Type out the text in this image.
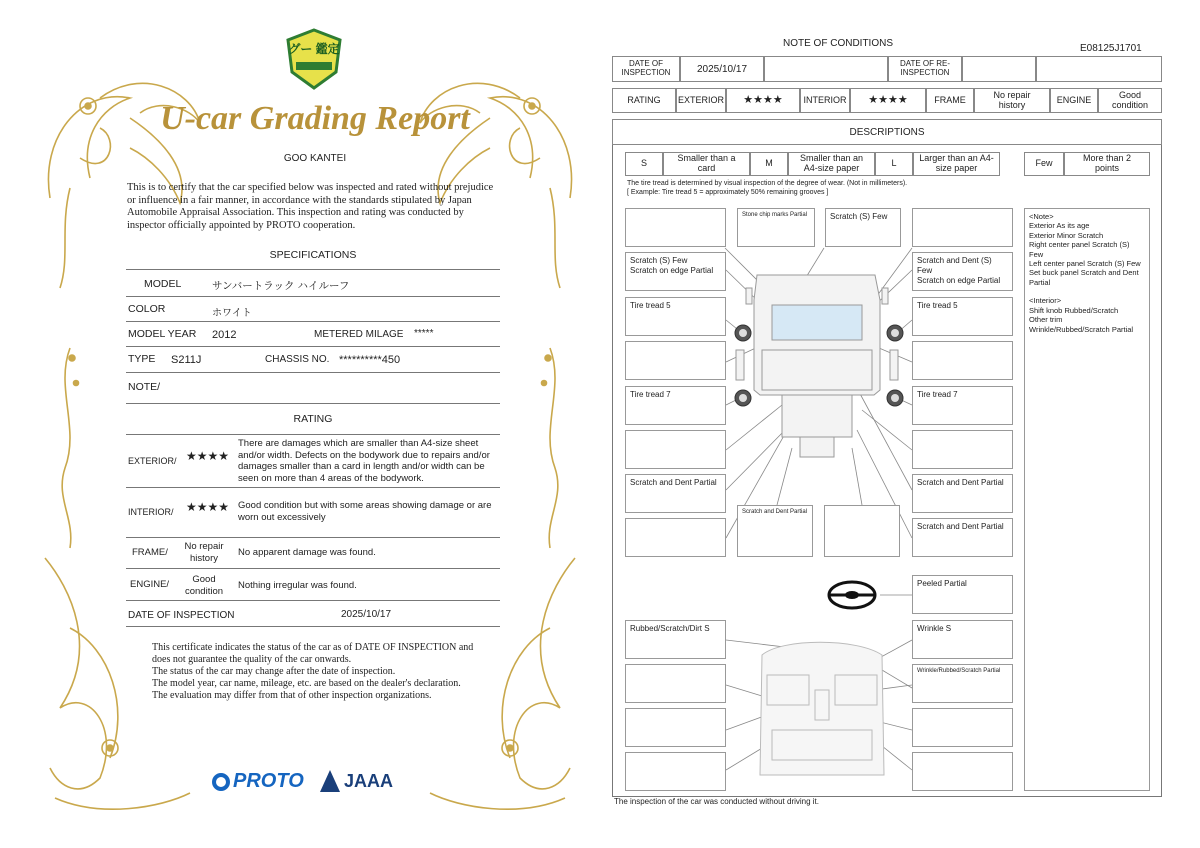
グー 鑑定
U-car Grading Report
GOO KANTEI
This is to certify that the car specified below was inspected and rated without prejudice or influence in a fair manner, in accordance with the standards stipulated by Japan Automobile Appraisal Association. This inspection and rating was conducted by inspector officially appointed by PROTO cooperation.
SPECIFICATIONS
MODEL	サンバートラック ハイルーフ
COLOR	ホワイト
MODEL YEAR 2012	METERED MILAGE *****
TYPE S211J	CHASSIS NO. **********450
NOTE/
RATING
EXTERIOR/ ★★★★
There are damages which are smaller than A4-size sheet and/or width. Defects on the bodywork due to repairs and/or damages smaller than a card in length and/or width can be seen on more than 4 areas of the bodywork.
INTERIOR/ ★★★★ Good condition but with some areas showing damage or are worn out excessively
FRAME/
No repair history	No apparent damage was found.
ENGINE/	Good condition	Nothing irregular was found.
DATE OF INSPECTION	2025/10/17
This certificate indicates the status of the car as of DATE OF INSPECTION and does not guarantee the quality of the car onwards.
The status of the car may change after the date of inspection.
The model year, car name, mileage, etc. are based on the dealer's declaration.
The evaluation may differ from that of other inspection organizations.
PROTO JAAA
NOTE OF CONDITIONS	E08125J1701
DATE OF INSPECTION	2025/10/17	DATE OF RE-INSPECTION
RATING	EXTERIOR	★★★★	INTERIOR	★★★★	FRAME	No repair history	ENGINE	Good condition
DESCRIPTIONS
S	Smaller than a card	M	Smaller than an A4-size paper	L	Larger than an A4-size paper	Few	More than 2 points
The tire tread is determined by visual inspection of the degree of wear. (Not in millimeters).
[ Example: Tire tread 5 = approximately 50% remaining grooves ]
Stone chip marks Partial	Scratch (S) Few
Scratch (S) Few
Scratch on edge Partial
Scratch and Dent (S) Few
Scratch on edge Partial
Tire tread 5	Tire tread 5
Tire tread 7	Tire tread 7
Scratch and Dent Partial	Scratch and Dent Partial
Scratch and Dent Partial
Scratch and Dent Partial
Peeled Partial
Rubbed/Scratch/Dirt S	Wrinkle S
Wrinkle/Rubbed/Scratch Partial
<Note>
Exterior As its age
Exterior Minor Scratch
Right center panel Scratch (S) Few
Left center panel Scratch (S) Few
Set buck panel Scratch and Dent Partial

<Interior>
Shift knob Rubbed/Scratch
Other trim
Wrinkle/Rubbed/Scratch Partial
The inspection of the car was conducted without driving it.
